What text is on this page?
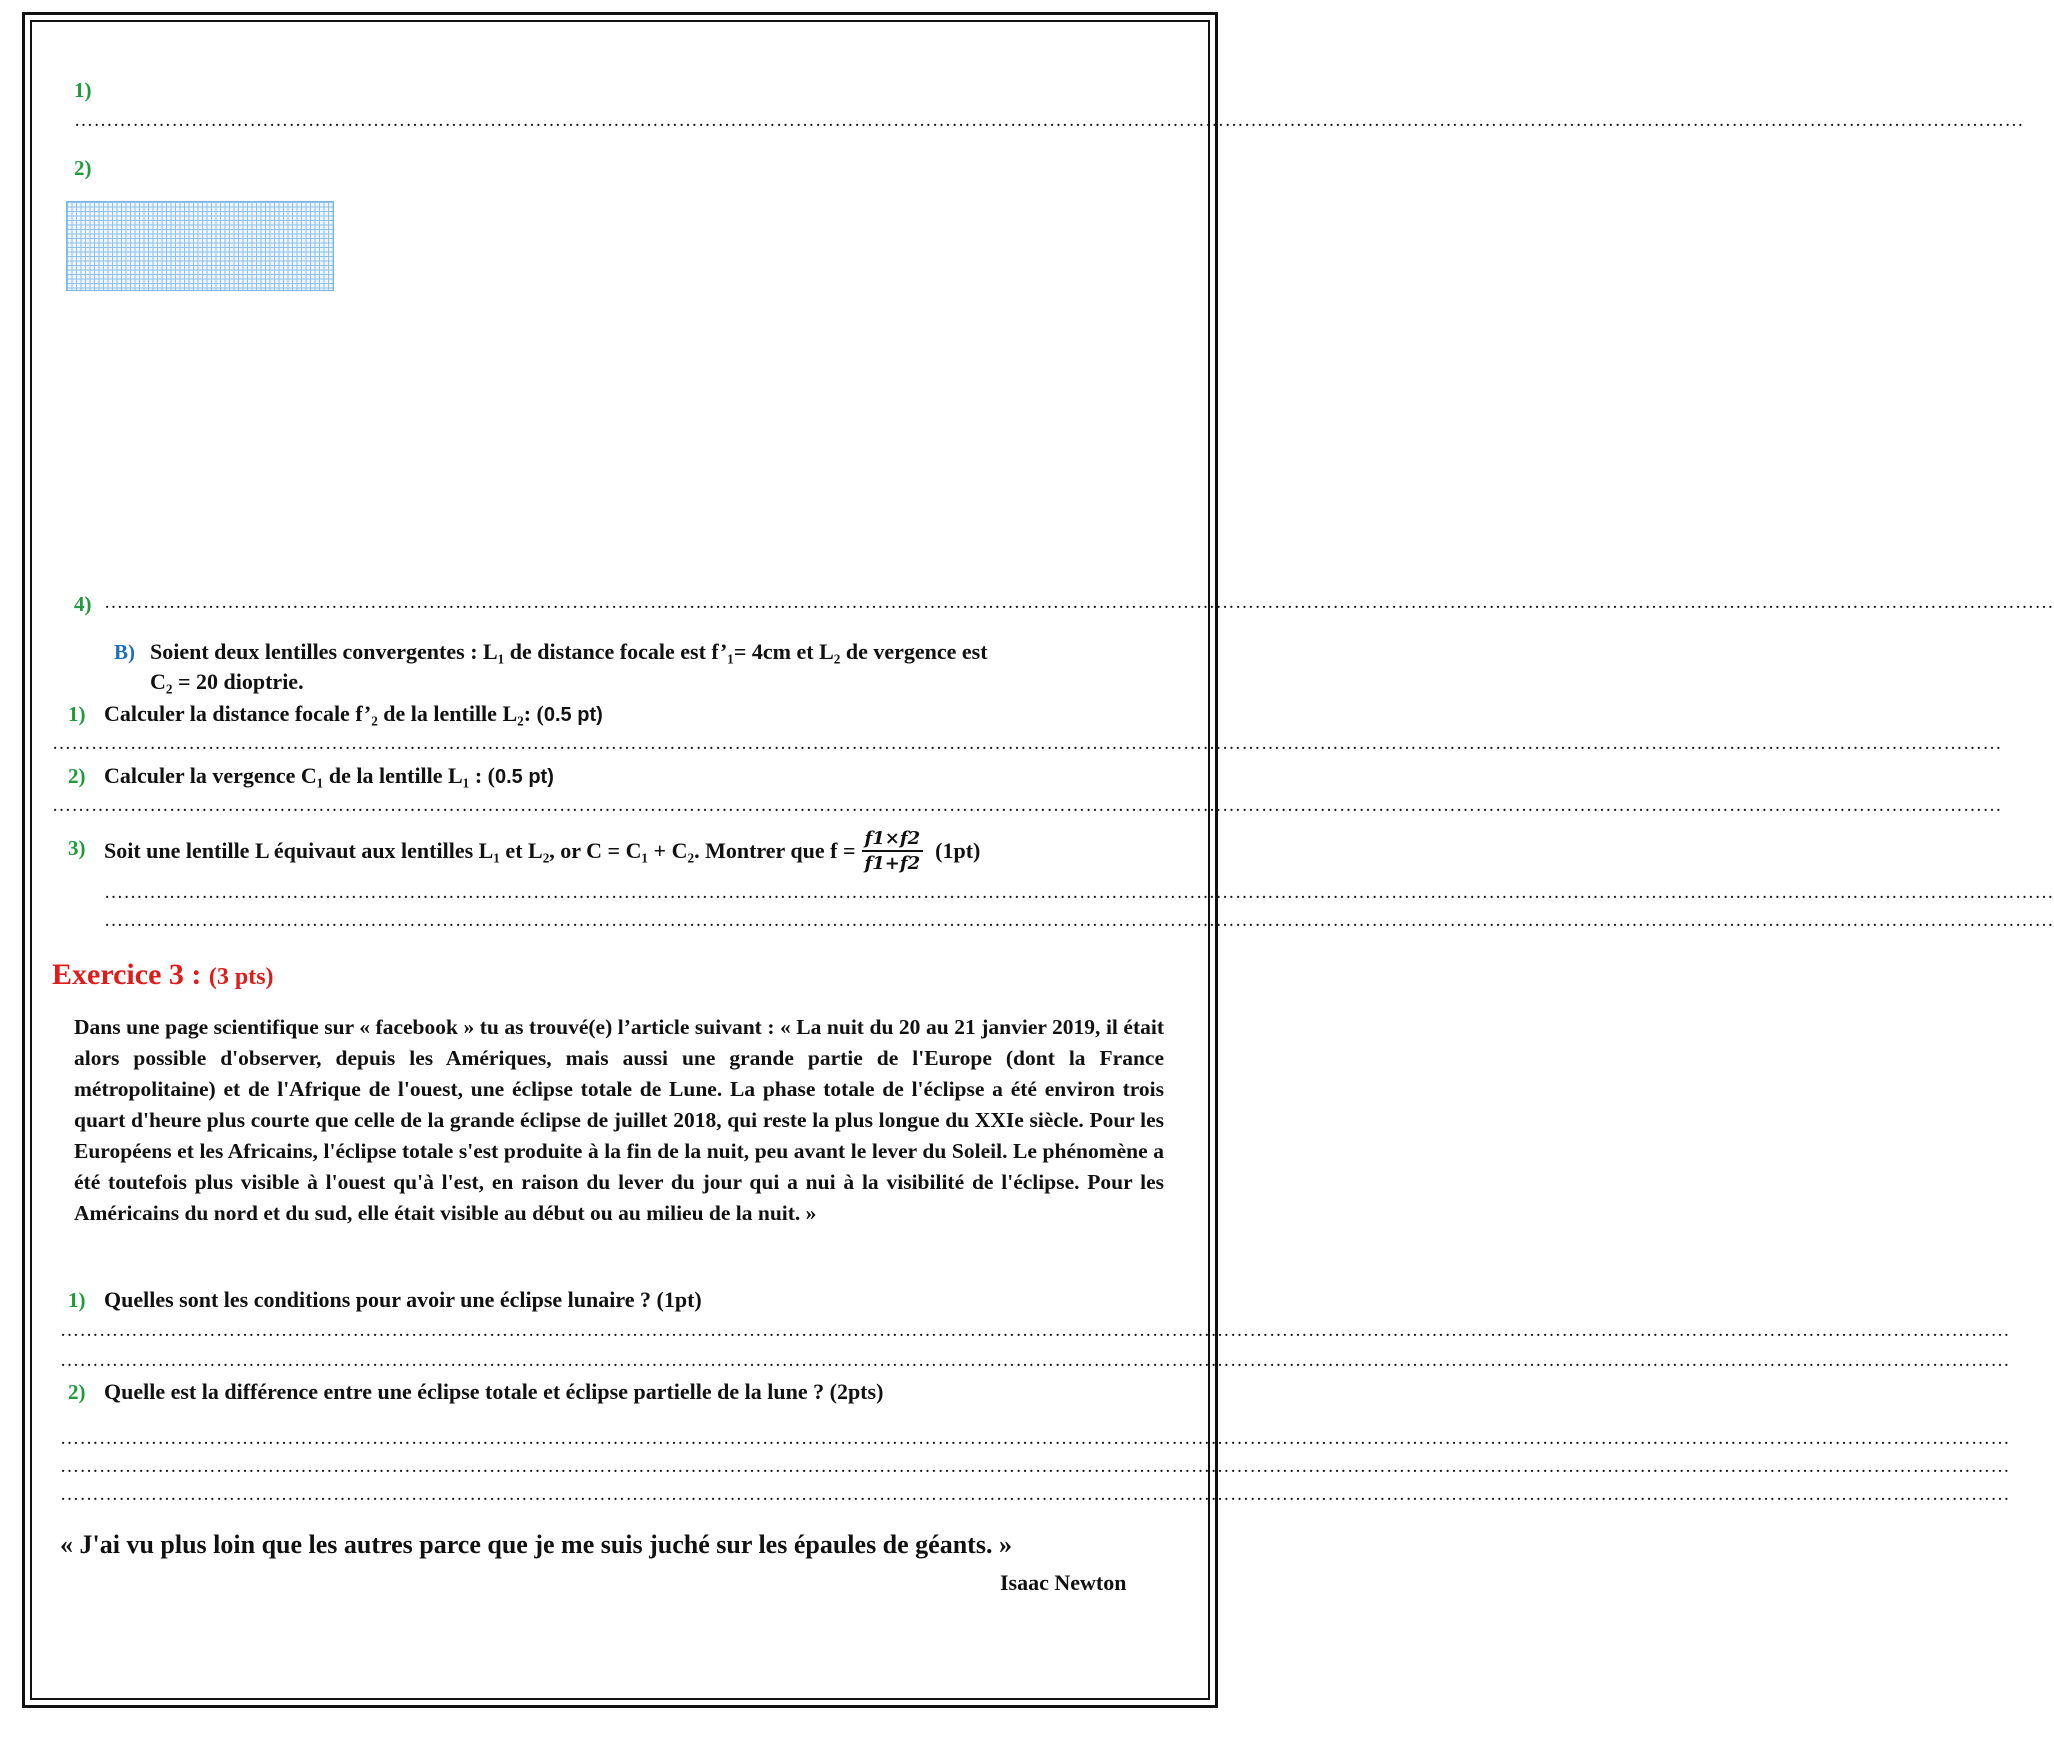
1)
…………………………………………………………………………………………………………………………………………………………………………………………………………………………………………………………………………
2)
4) …………………………………………………………………………………………………………………………………………………………………………………………………………………………………………………………………………
B) Soient deux lentilles convergentes : L₁ de distance focale est f’₁= 4cm et L₂ de vergence est
C₂ = 20 dioptrie.
1) Calculer la distance focale f’₂ de la lentille L₂: (0.5 pt)
…………………………………………………………………………………………………………………………………………………………………………………………………………………………………………………………………………
2) Calculer la vergence C₁ de la lentille L₁ : (0.5 pt)
…………………………………………………………………………………………………………………………………………………………………………………………………………………………………………………………………………
3) Soit une lentille L équivaut aux lentilles L₁ et L₂, or C = C₁ + C₂. Montrer que $f = \frac{f1\times f2}{f1+f2} (1pt)$
…………………………………………………………………………………………………………………………………………………………………………………………………………………………………………………………………………
…………………………………………………………………………………………………………………………………………………………………………………………………………………………………………………………………………
Exercice 3 : (3 pts)
Dans une page scientifique sur « facebook » tu as trouvé(e) l’article suivant : « La nuit du 20 au 21 janvier 2019, il était alors possible d'observer, depuis les Amériques, mais aussi une grande partie de l'Europe (dont la France métropolitaine) et de l'Afrique de l'ouest, une éclipse totale de Lune. La phase totale de l'éclipse a été environ trois quart d'heure plus courte que celle de la grande éclipse de juillet 2018, qui reste la plus longue du XXIe siècle. Pour les Européens et les Africains, l'éclipse totale s'est produite à la fin de la nuit, peu avant le lever du Soleil. Le phénomène a été toutefois plus visible à l'ouest qu'à l'est, en raison du lever du jour qui a nui à la visibilité de l'éclipse. Pour les Américains du nord et du sud, elle était visible au début ou au milieu de la nuit. »
1) Quelles sont les conditions pour avoir une éclipse lunaire ? (1pt)
…………………………………………………………………………………………………………………………………………………………………………………………………………………………………………………………………………
…………………………………………………………………………………………………………………………………………………………………………………………………………………………………………………………………………
2) Quelle est la différence entre une éclipse totale et éclipse partielle de la lune ? (2pts)
…………………………………………………………………………………………………………………………………………………………………………………………………………………………………………………………………………
…………………………………………………………………………………………………………………………………………………………………………………………………………………………………………………………………………
…………………………………………………………………………………………………………………………………………………………………………………………………………………………………………………………………………
« J'ai vu plus loin que les autres parce que je me suis juché sur les épaules de géants. »
Isaac Newton
